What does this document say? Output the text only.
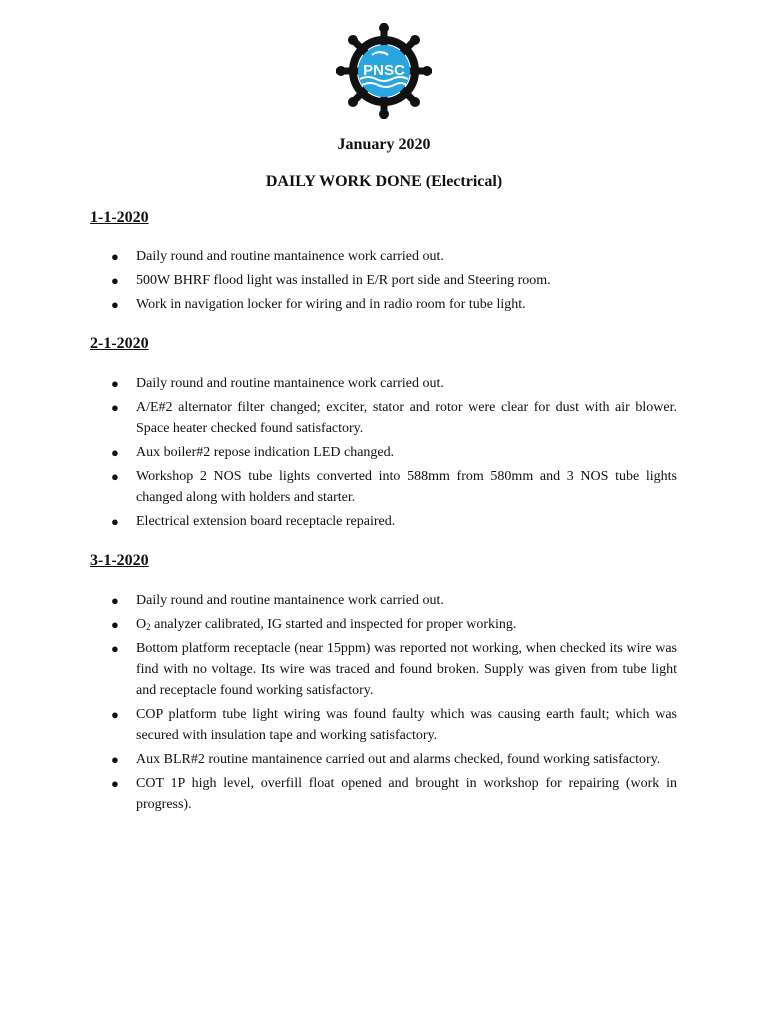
PNSC
January 2020
DAILY WORK DONE (Electrical)
1-1-2020
● Daily round and routine mantainence work carried out.
● 500W BHRF flood light was installed in E/R port side and Steering room.
● Work in navigation locker for wiring and in radio room for tube light.
2-1-2020
● Daily round and routine mantainence work carried out.
● A/E#2 alternator filter changed; exciter, stator and rotor were clear for dust with air blower. Space heater checked found satisfactory.
● Aux boiler#2 repose indication LED changed.
● Workshop 2 NOS tube lights converted into 588mm from 580mm and 3 NOS tube lights changed along with holders and starter.
● Electrical extension board receptacle repaired.
3-1-2020
● Daily round and routine mantainence work carried out.
● $O_2$ analyzer calibrated, IG started and inspected for proper working.
● Bottom platform receptacle (near 15ppm) was reported not working, when checked its wire was find with no voltage. Its wire was traced and found broken. Supply was given from tube light and receptacle found working satisfactory.
● COP platform tube light wiring was found faulty which was causing earth fault; which was secured with insulation tape and working satisfactory.
● Aux BLR#2 routine mantainence carried out and alarms checked, found working satisfactory.
● COT 1P high level, overfill float opened and brought in workshop for repairing (work in progress).
